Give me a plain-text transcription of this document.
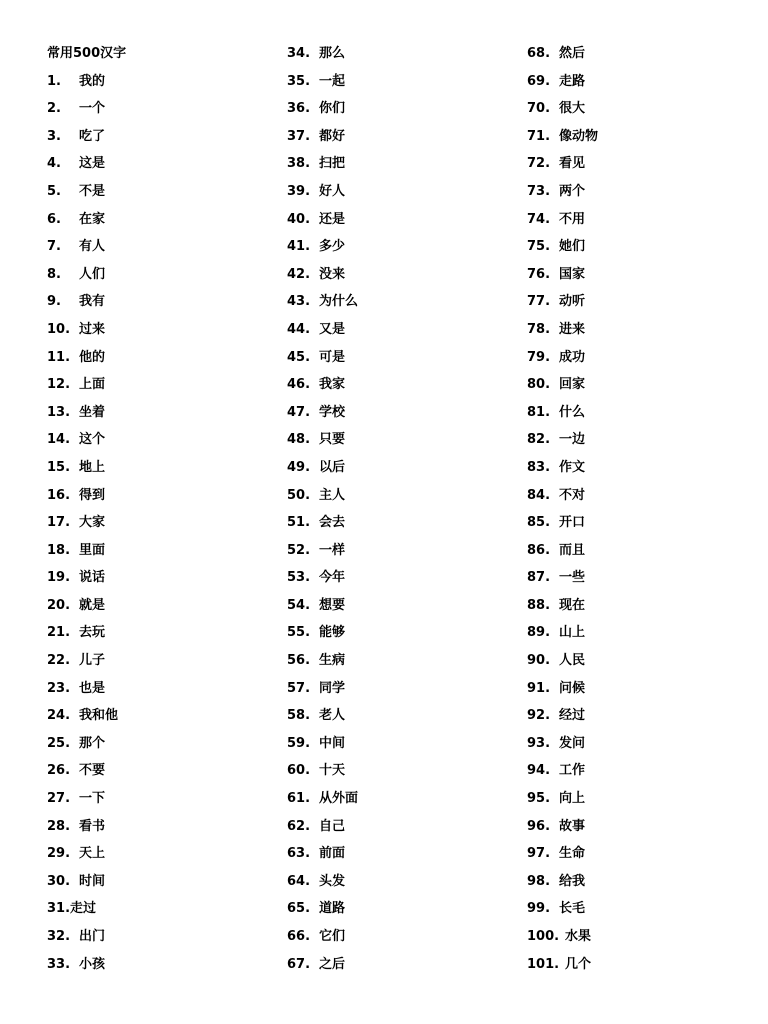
常用500汉字
1. 我的
2. 一个
3. 吃了
4. 这是
5. 不是
6. 在家
7. 有人
8. 人们
9. 我有
10. 过来
11. 他的
12. 上面
13. 坐着
14. 这个
15. 地上
16. 得到
17. 大家
18. 里面
19. 说话
20. 就是
21. 去玩
22. 儿子
23. 也是
24. 我和他
25. 那个
26. 不要
27. 一下
28. 看书
29. 天上
30. 时间
31.走过
32. 出门
33. 小孩
34. 那么
35. 一起
36. 你们
37. 都好
38. 扫把
39. 好人
40. 还是
41. 多少
42. 没来
43. 为什么
44. 又是
45. 可是
46. 我家
47. 学校
48. 只要
49. 以后
50. 主人
51. 会去
52. 一样
53. 今年
54. 想要
55. 能够
56. 生病
57. 同学
58. 老人
59. 中间
60. 十天
61. 从外面
62. 自己
63. 前面
64. 头发
65. 道路
66. 它们
67. 之后
68. 然后
69. 走路
70. 很大
71. 像动物
72. 看见
73. 两个
74. 不用
75. 她们
76. 国家
77. 动听
78. 进来
79. 成功
80. 回家
81. 什么
82. 一边
83. 作文
84. 不对
85. 开口
86. 而且
87. 一些
88. 现在
89. 山上
90. 人民
91. 问候
92. 经过
93. 发问
94. 工作
95. 向上
96. 故事
97. 生命
98. 给我
99. 长毛
100. 水果
101. 几个
